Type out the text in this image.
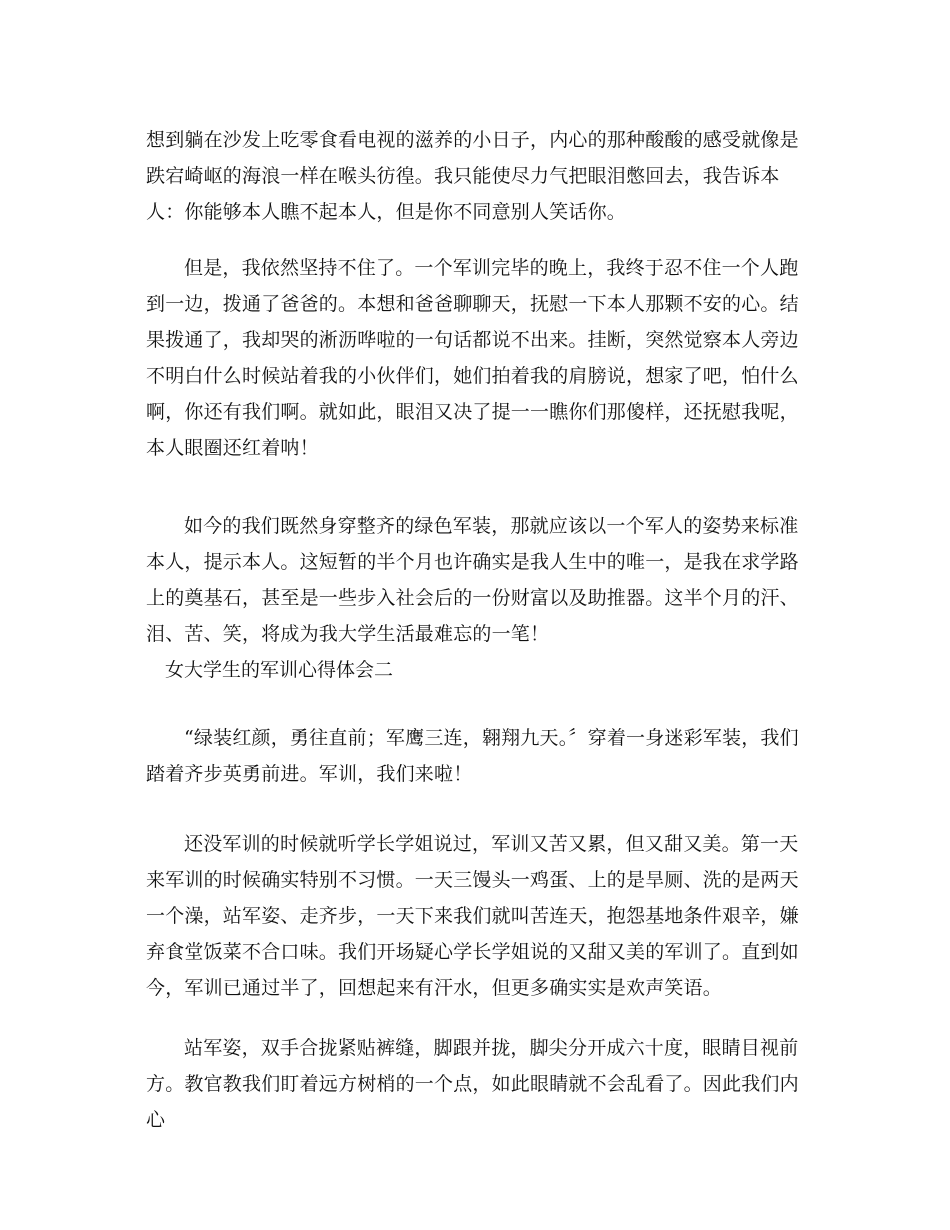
想到躺在沙发上吃零食看电视的滋养的小日子，内心的那种酸酸的感受就像是跌宕崎岖的海浪一样在喉头彷徨。我只能使尽力气把眼泪憋回去，我告诉本人：你能够本人瞧不起本人，但是你不同意别人笑话你。

但是，我依然坚持不住了。一个军训完毕的晚上，我终于忍不住一个人跑到一边，拨通了爸爸的。本想和爸爸聊聊天，抚慰一下本人那颗不安的心。结果拨通了，我却哭的淅沥哗啦的一句话都说不出来。挂断，突然觉察本人旁边不明白什么时候站着我的小伙伴们，她们拍着我的肩膀说，想家了吧，怕什么啊，你还有我们啊。就如此，眼泪又决了提一一瞧你们那傻样，还抚慰我呢，本人眼圈还红着呐！

如今的我们既然身穿整齐的绿色军装，那就应该以一个军人的姿势来标准本人，提示本人。这短暂的半个月也许确实是我人生中的唯一，是我在求学路上的奠基石，甚至是一些步入社会后的一份财富以及助推器。这半个月的汗、泪、苦、笑，将成为我大学生活最难忘的一笔！

女大学生的军训心得体会二

“绿装红颜，勇往直前；军鹰三连，翱翔九天。〞穿着一身迷彩军装，我们踏着齐步英勇前进。军训，我们来啦！

还没军训的时候就听学长学姐说过，军训又苦又累，但又甜又美。第一天来军训的时候确实特别不习惯。一天三馒头一鸡蛋、上的是旱厕、洗的是两天一个澡，站军姿、走齐步，一天下来我们就叫苦连天，抱怨基地条件艰辛，嫌弃食堂饭菜不合口味。我们开场疑心学长学姐说的又甜又美的军训了。直到如今，军训已通过半了，回想起来有汗水，但更多确实实是欢声笑语。

站军姿，双手合拢紧贴裤缝，脚跟并拢，脚尖分开成六十度，眼睛目视前方。教官教我们盯着远方树梢的一个点，如此眼睛就不会乱看了。因此我们内心
